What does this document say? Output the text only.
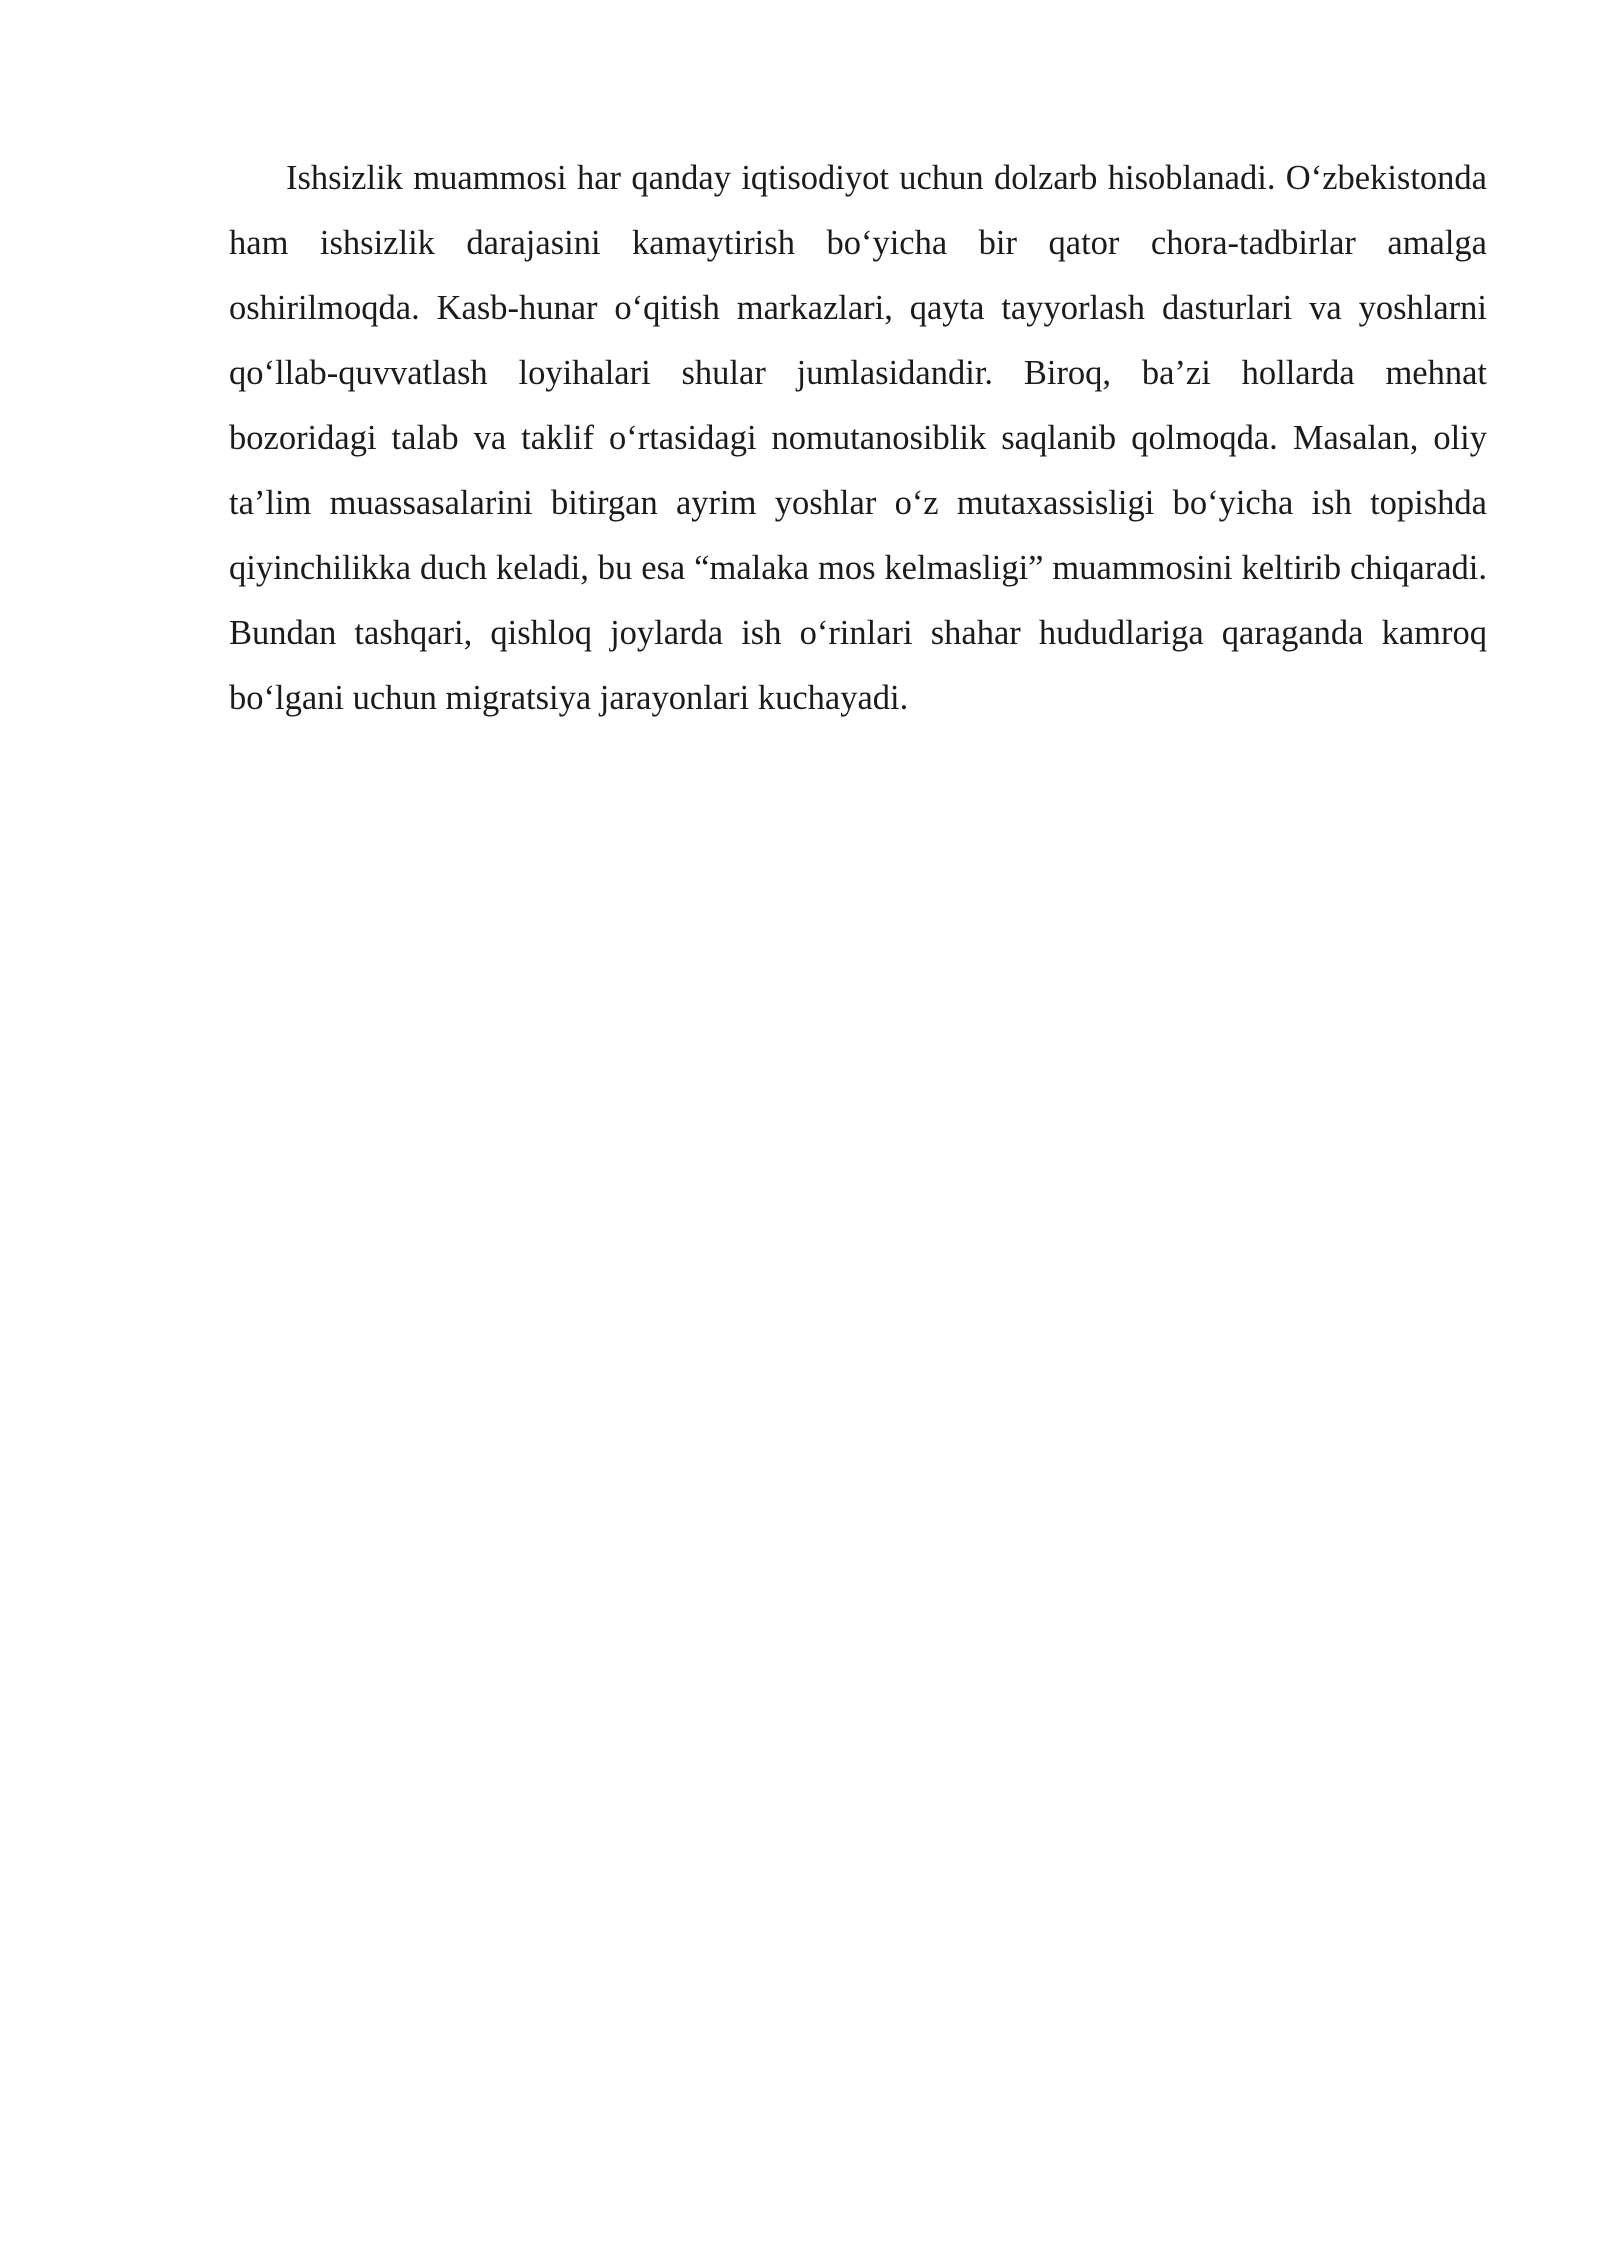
Ishsizlik muammosi har qanday iqtisodiyot uchun dolzarb hisoblanadi. O‘zbekistonda ham ishsizlik darajasini kamaytirish bo‘yicha bir qator chora-tadbirlar amalga oshirilmoqda. Kasb-hunar o‘qitish markazlari, qayta tayyorlash dasturlari va yoshlarni qo‘llab-quvvatlash loyihalari shular jumlasidandir. Biroq, ba’zi hollarda mehnat bozoridagi talab va taklif o‘rtasidagi nomutanosiblik saqlanib qolmoqda. Masalan, oliy ta’lim muassasalarini bitirgan ayrim yoshlar o‘z mutaxassisligi bo‘yicha ish topishda qiyinchilikka duch keladi, bu esa “malaka mos kelmasligi” muammosini keltirib chiqaradi. Bundan tashqari, qishloq joylarda ish o‘rinlari shahar hududlariga qaraganda kamroq bo‘lgani uchun migratsiya jarayonlari kuchayadi.
